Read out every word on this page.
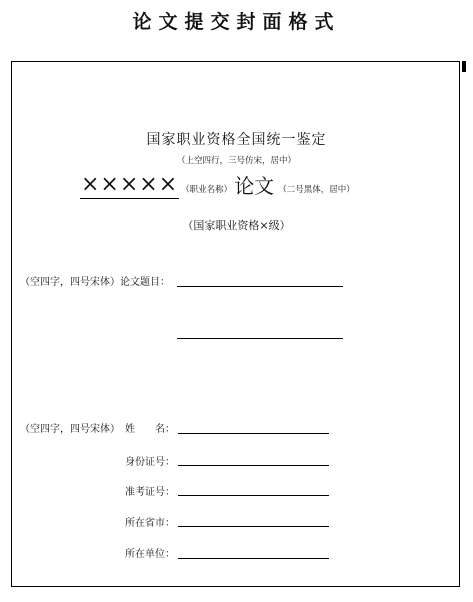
论文提交封面格式
国家职业资格全国统一鉴定
（上空四行，三号仿宋，居中）
××××× （职业名称） 论文 （二号黑体，居中）
（国家职业资格×级）
（空四字，四号宋体）论文题目：
（空四字，四号宋体） 姓　　名：
身份证号：
准考证号：
所在省市：
所在单位：
